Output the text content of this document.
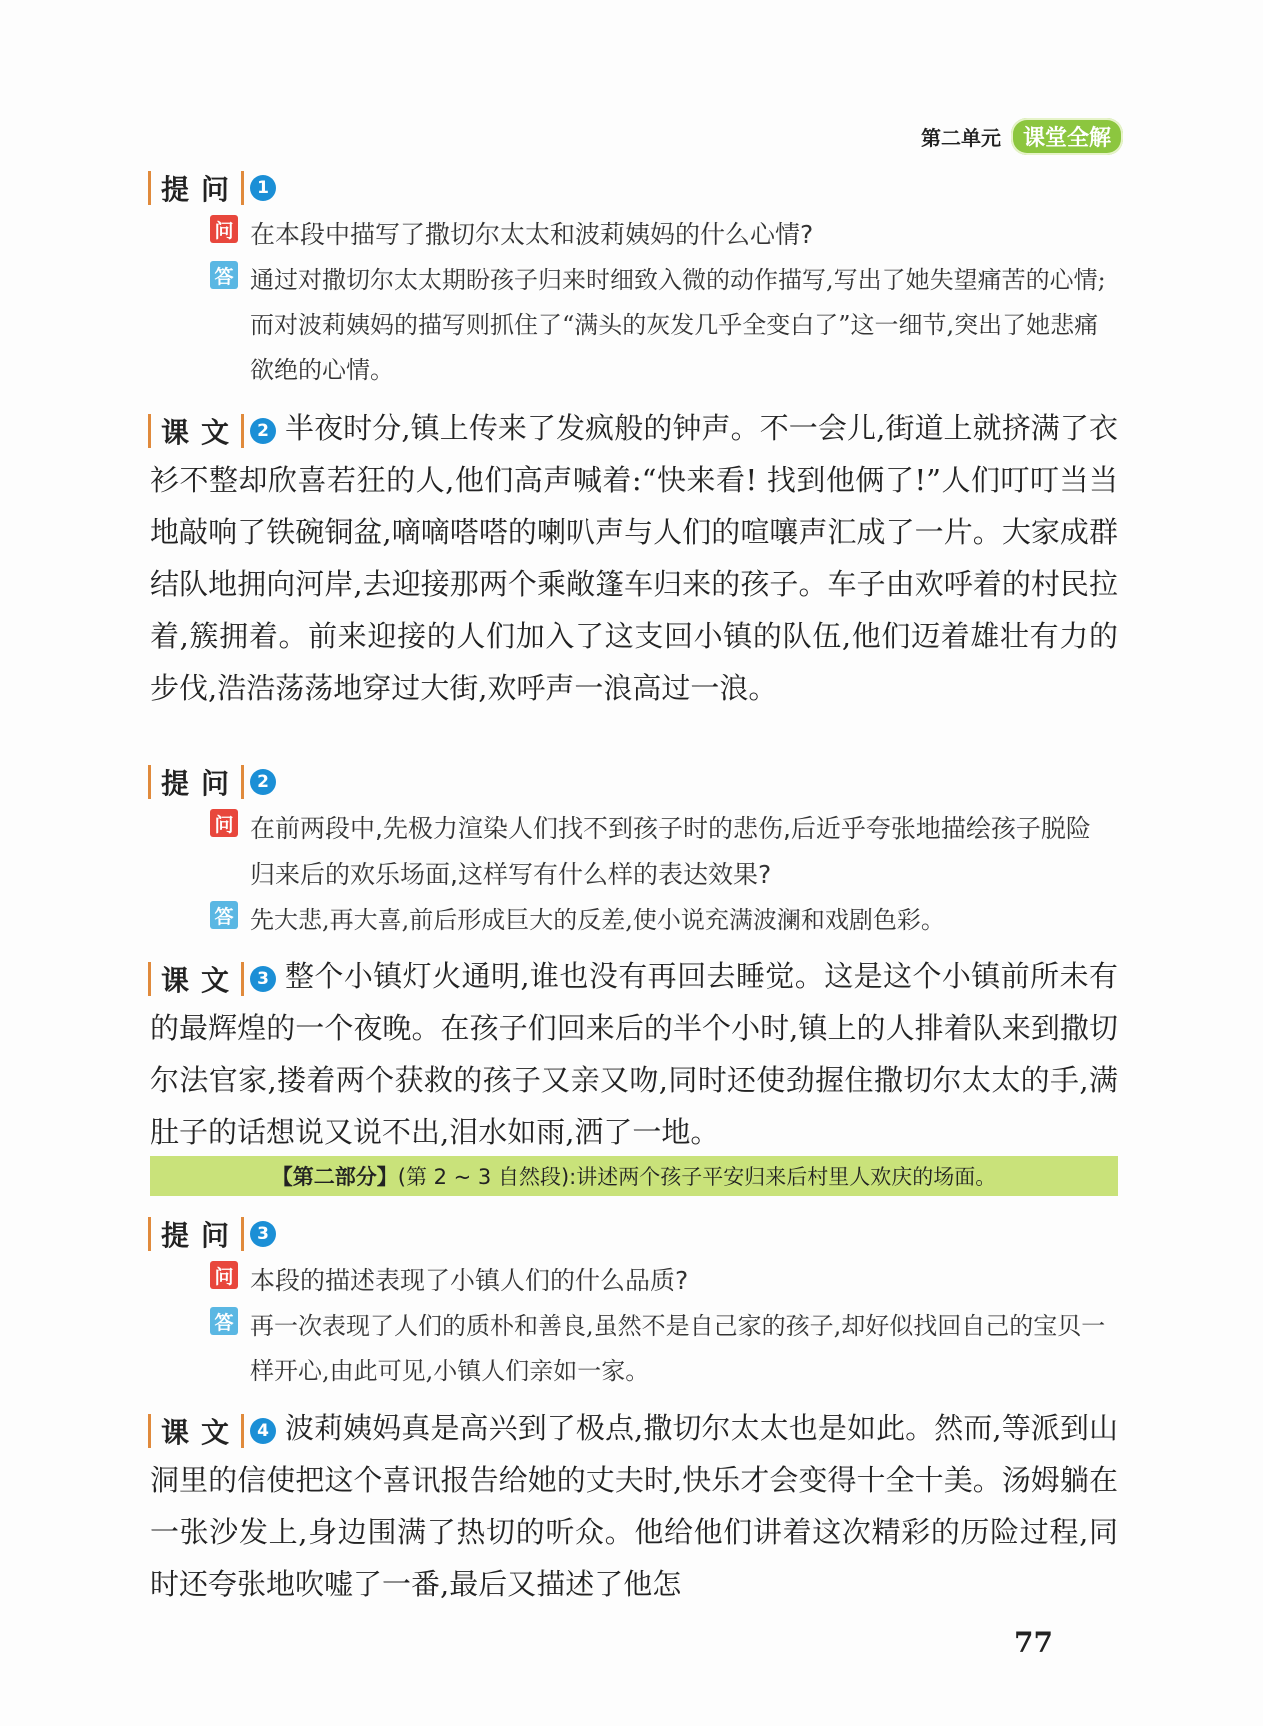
第二单元	课堂全解
提问 1
问 在本段中描写了撒切尔太太和波莉姨妈的什么心情?
答 通过对撒切尔太太期盼孩子归来时细致入微的动作描写,写出了她失望痛苦的心情;而对波莉姨妈的描写则抓住了“满头的灰发几乎全变白了”这一细节,突出了她悲痛欲绝的心情。
课文 2 半夜时分,镇上传来了发疯般的钟声。不一会儿,街道上就挤满了衣衫不整却欣喜若狂的人,他们高声喊着:“快来看! 找到他俩了!”人们叮叮当当地敲响了铁碗铜盆,嘀嘀嗒嗒的喇叭声与人们的喧嚷声汇成了一片。大家成群结队地拥向河岸,去迎接那两个乘敞篷车归来的孩子。车子由欢呼着的村民拉着,簇拥着。前来迎接的人们加入了这支回小镇的队伍,他们迈着雄壮有力的步伐,浩浩荡荡地穿过大街,欢呼声一浪高过一浪。
提问 2
问 在前两段中,先极力渲染人们找不到孩子时的悲伤,后近乎夸张地描绘孩子脱险归来后的欢乐场面,这样写有什么样的表达效果?
答 先大悲,再大喜,前后形成巨大的反差,使小说充满波澜和戏剧色彩。
课文 3 整个小镇灯火通明,谁也没有再回去睡觉。这是这个小镇前所未有的最辉煌的一个夜晚。在孩子们回来后的半个小时,镇上的人排着队来到撒切尔法官家,搂着两个获救的孩子又亲又吻,同时还使劲握住撒切尔太太的手,满肚子的话想说又说不出,泪水如雨,洒了一地。
【第二部分】 (第 2 ~ 3 自然段):讲述两个孩子平安归来后村里人欢庆的场面。
提问 3
问 本段的描述表现了小镇人们的什么品质?
答 再一次表现了人们的质朴和善良,虽然不是自己家的孩子,却好似找回自己的宝贝一样开心,由此可见,小镇人们亲如一家。
课文 4 波莉姨妈真是高兴到了极点,撒切尔太太也是如此。然而,等派到山洞里的信使把这个喜讯报告给她的丈夫时,快乐才会变得十全十美。汤姆躺在一张沙发上,身边围满了热切的听众。他给他们讲着这次精彩的历险过程,同时还夸张地吹嘘了一番,最后又描述了他怎
77
